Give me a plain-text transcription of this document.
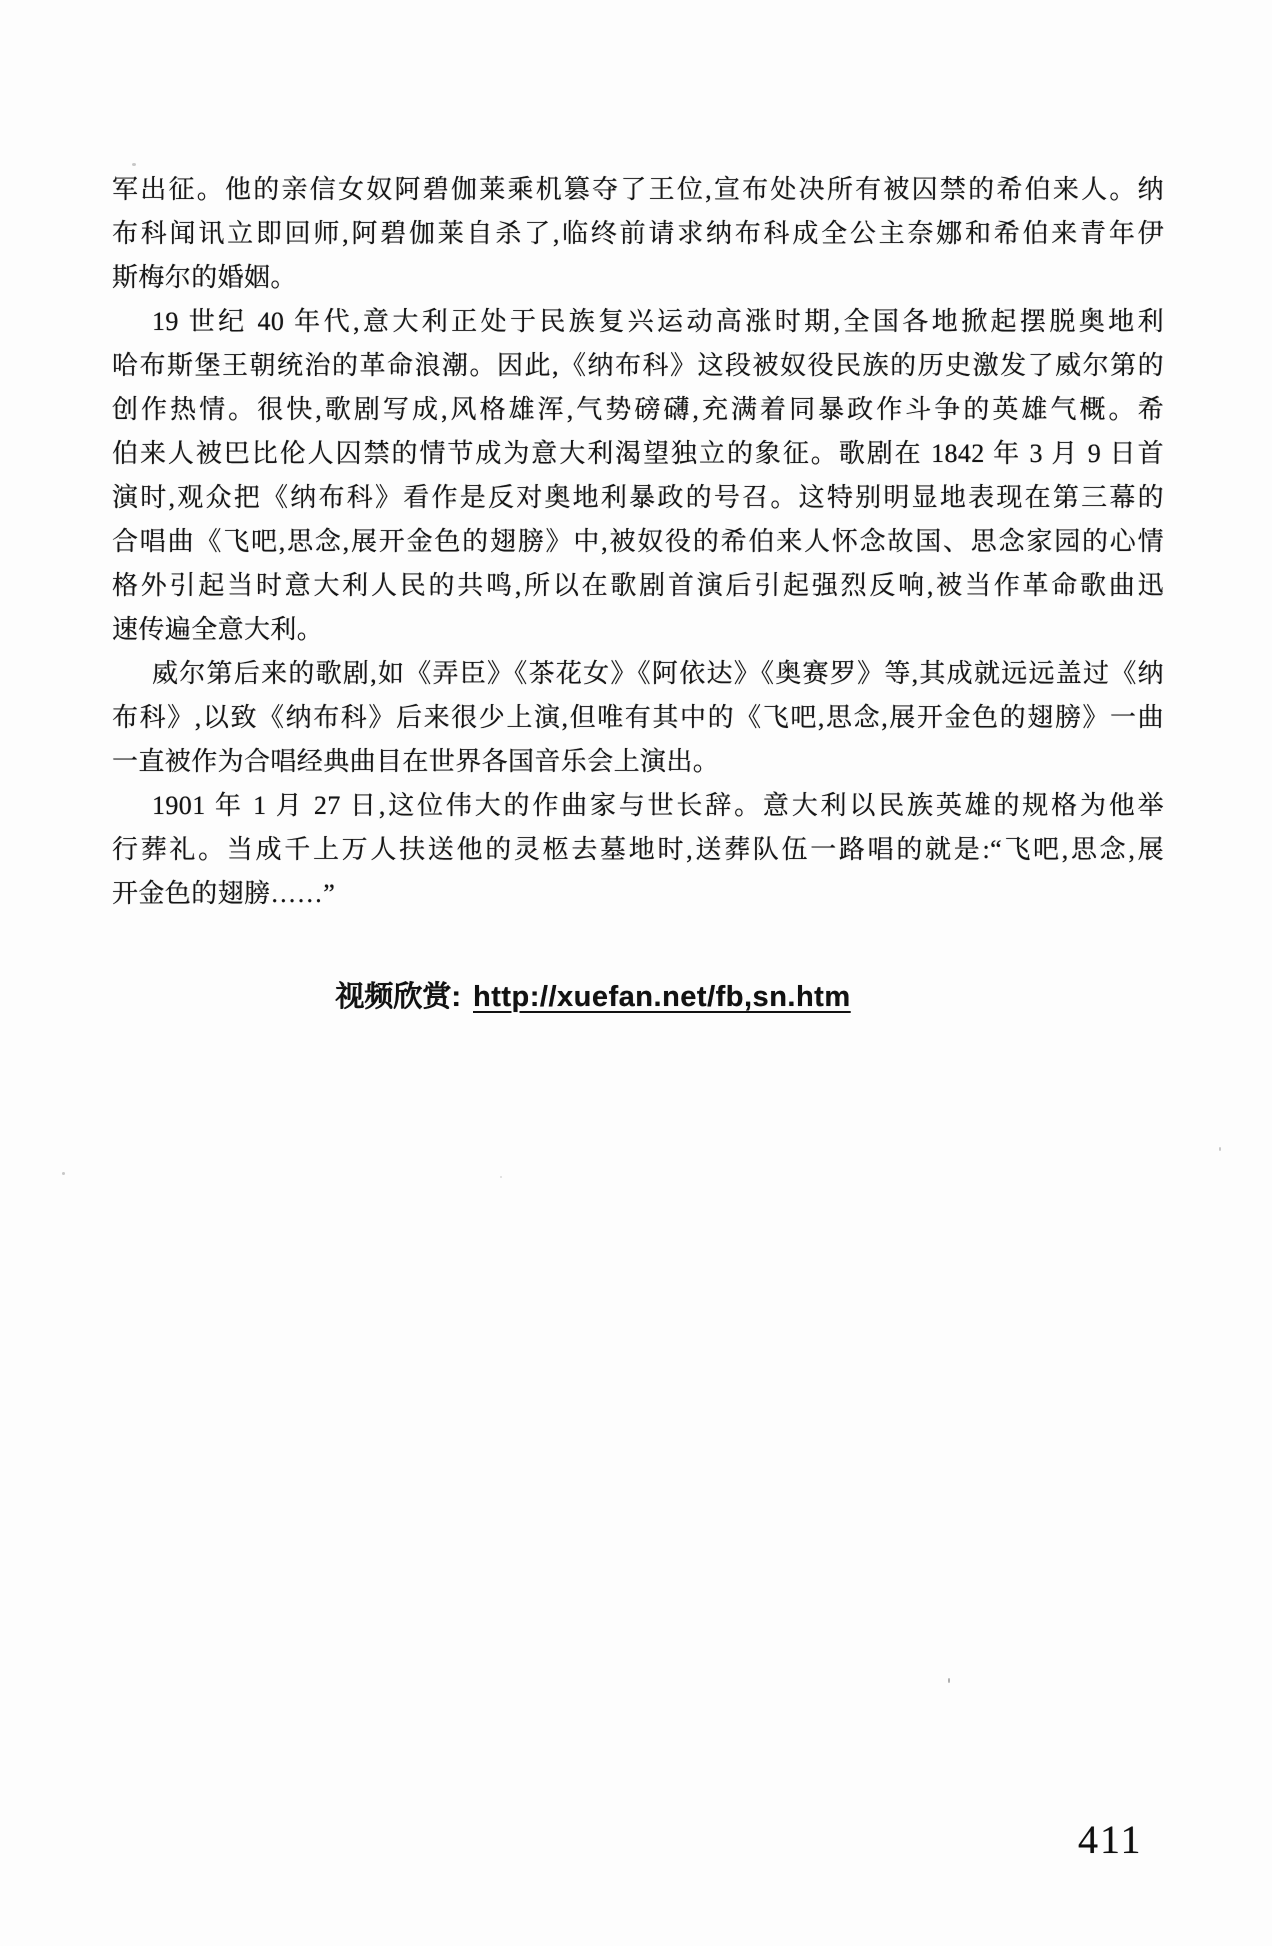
军出征。他的亲信女奴阿碧伽莱乘机篡夺了王位,宣布处决所有被囚禁的希伯来人。纳
布科闻讯立即回师,阿碧伽莱自杀了,临终前请求纳布科成全公主奈娜和希伯来青年伊
斯梅尔的婚姻。
19 世纪 40 年代,意大利正处于民族复兴运动高涨时期,全国各地掀起摆脱奥地利
哈布斯堡王朝统治的革命浪潮。因此,《纳布科》这段被奴役民族的历史激发了威尔第的
创作热情。很快,歌剧写成,风格雄浑,气势磅礴,充满着同暴政作斗争的英雄气概。希
伯来人被巴比伦人囚禁的情节成为意大利渴望独立的象征。歌剧在 1842 年 3 月 9 日首
演时,观众把《纳布科》看作是反对奥地利暴政的号召。这特别明显地表现在第三幕的
合唱曲《飞吧,思念,展开金色的翅膀》中,被奴役的希伯来人怀念故国、思念家园的心情
格外引起当时意大利人民的共鸣,所以在歌剧首演后引起强烈反响,被当作革命歌曲迅
速传遍全意大利。
威尔第后来的歌剧,如《弄臣》《茶花女》《阿依达》《奥赛罗》等,其成就远远盖过《纳
布科》,以致《纳布科》后来很少上演,但唯有其中的《飞吧,思念,展开金色的翅膀》一曲
一直被作为合唱经典曲目在世界各国音乐会上演出。
1901 年 1 月 27 日,这位伟大的作曲家与世长辞。意大利以民族英雄的规格为他举
行葬礼。当成千上万人扶送他的灵柩去墓地时,送葬队伍一路唱的就是:“飞吧,思念,展
开金色的翅膀……”
视频欣赏: http://xuefan.net/fb,sn.htm
411
